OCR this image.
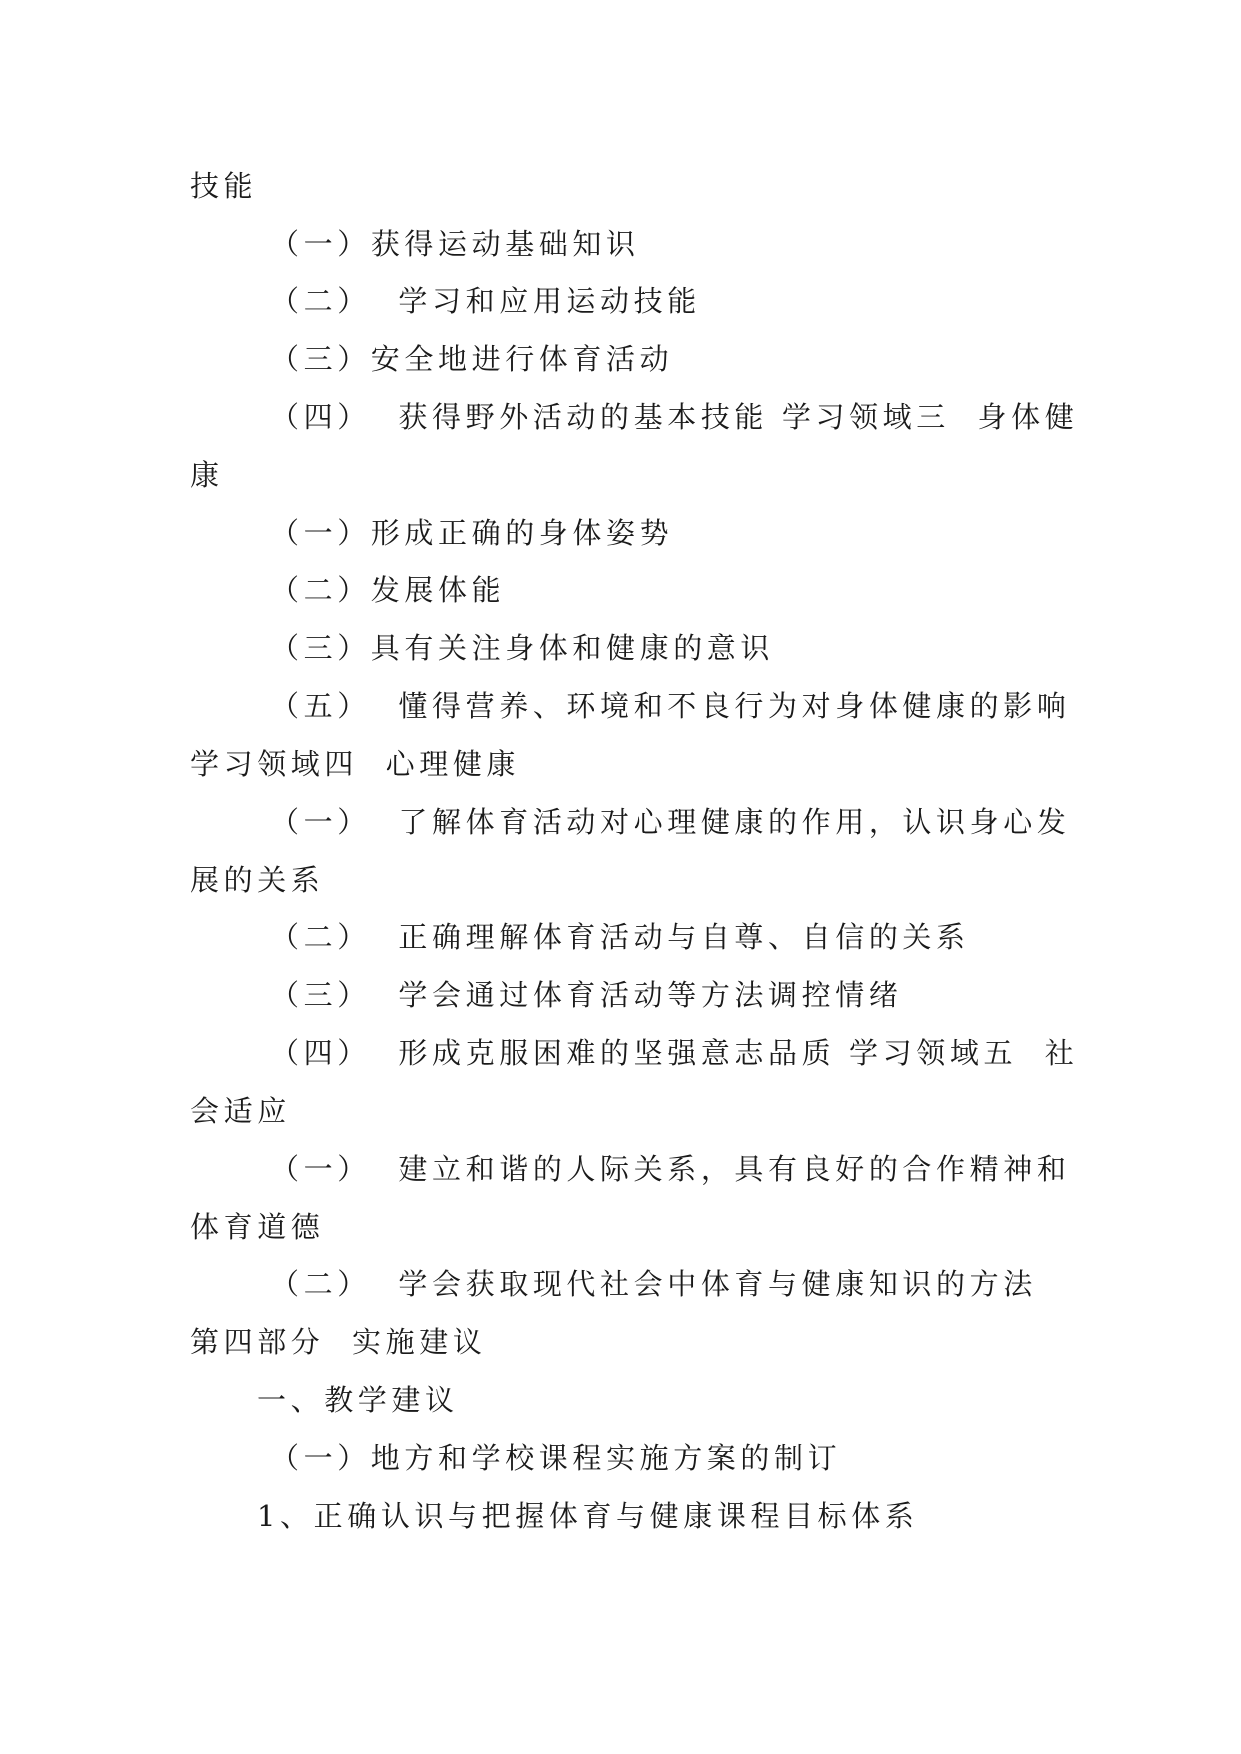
技能
（一）获得运动基础知识
（二）  学习和应用运动技能
（三）安全地进行体育活动
（四）  获得野外活动的基本技能 学习领域三  身体健
康
（一）形成正确的身体姿势
（二）发展体能
（三）具有关注身体和健康的意识
（五）  懂得营养、环境和不良行为对身体健康的影响
学习领域四  心理健康
（一）  了解体育活动对心理健康的作用，认识身心发
展的关系
（二）  正确理解体育活动与自尊、自信的关系
（三）  学会通过体育活动等方法调控情绪
（四）  形成克服困难的坚强意志品质 学习领域五  社
会适应
（一）  建立和谐的人际关系，具有良好的合作精神和
体育道德
（二）  学会获取现代社会中体育与健康知识的方法
第四部分  实施建议
一、教学建议
（一）地方和学校课程实施方案的制订
1、正确认识与把握体育与健康课程目标体系
